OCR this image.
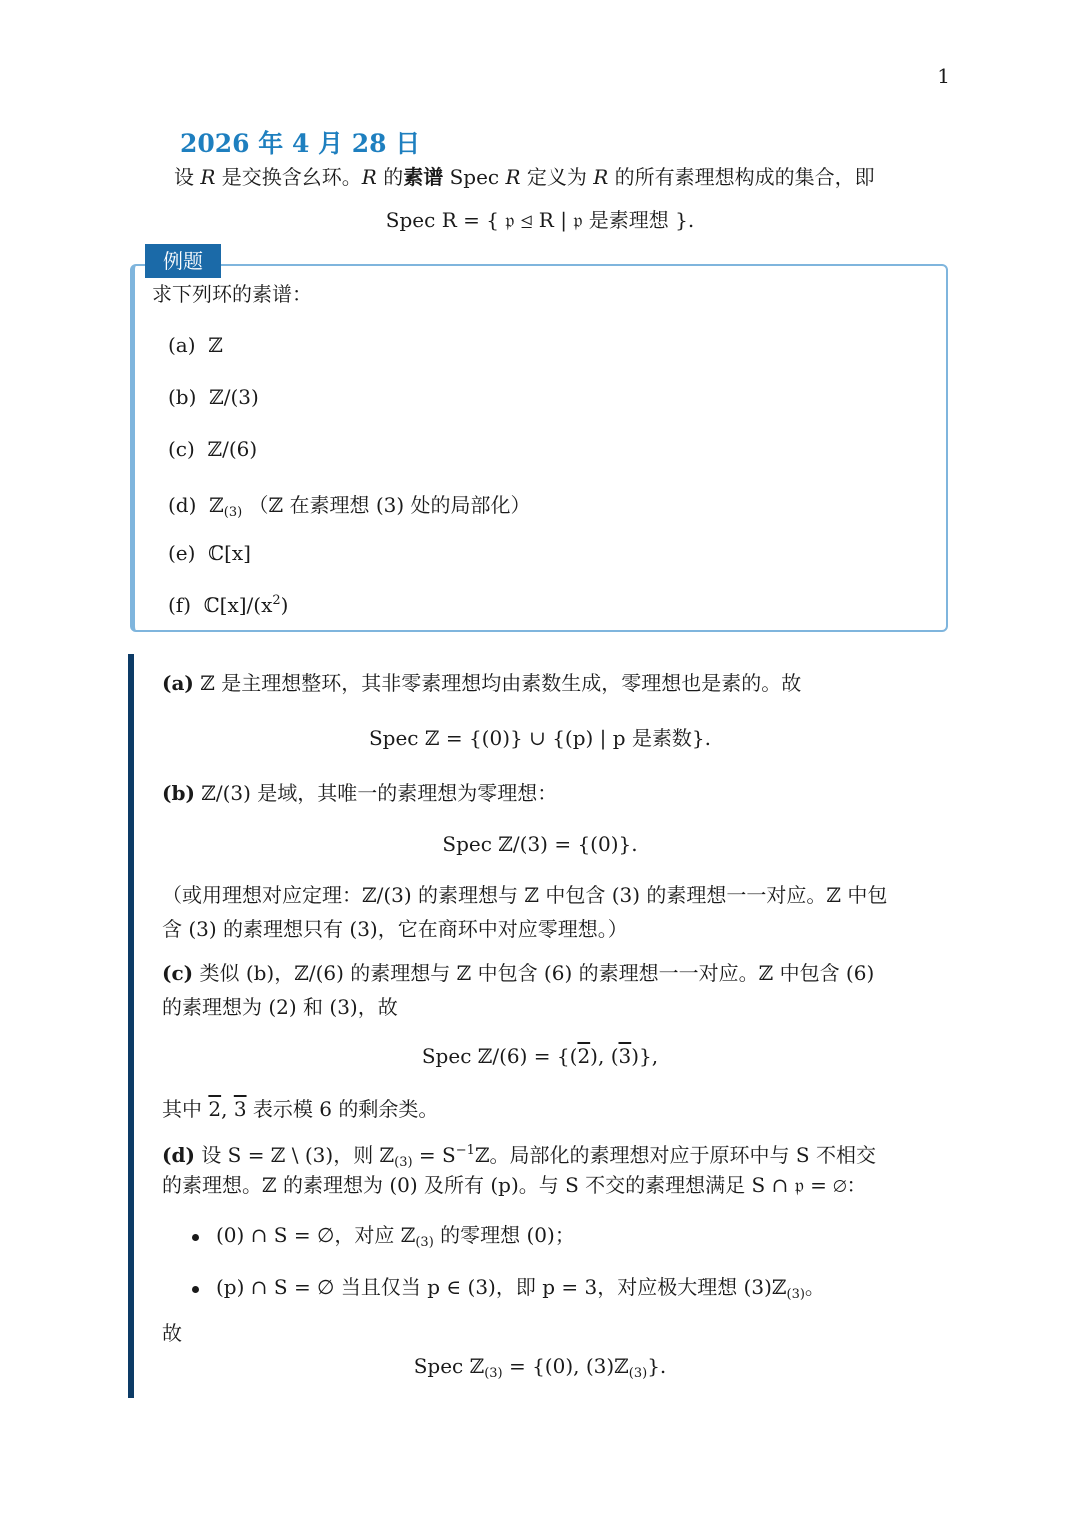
1
2026 年 4 月 28 日
设 R 是交换含幺环。R 的素谱 Spec R 定义为 R 的所有素理想构成的集合，即
Spec R = { 𝔭 ⊴ R | 𝔭 是素理想 }.
例题
求下列环的素谱：
(a) ℤ
(b) ℤ/(3)
(c) ℤ/(6)
(d) ℤ$_{(3)}$ （ℤ 在素理想 (3) 处的局部化）
(e) ℂ[x]
(f) $ℂ[x]/(x^2)$
(a) ℤ 是主理想整环，其非零素理想均由素数生成，零理想也是素的。故
Spec ℤ = {(0)} ∪ {(p) | p 是素数}.
(b) ℤ/(3) 是域，其唯一的素理想为零理想：
Spec ℤ/(3) = {(0)}.
（或用理想对应定理：ℤ/(3) 的素理想与 ℤ 中包含 (3) 的素理想一一对应。ℤ 中包
含 (3) 的素理想只有 (3)，它在商环中对应零理想。）
(c) 类似 (b)，ℤ/(6) 的素理想与 ℤ 中包含 (6) 的素理想一一对应。ℤ 中包含 (6)
的素理想为 (2) 和 (3)，故
Spec ℤ/(6) = {(2), (3)},
其中 2, 3 表示模 6 的剩余类。
(d) 设 S = ℤ \ (3)，则 ℤ$_{(3)}$ = $S^{-1}ℤ$。局部化的素理想对应于原环中与 S 不相交
的素理想。ℤ 的素理想为 (0) 及所有 (p)。与 S 不交的素理想满足 S ∩ 𝔭 = ∅：
(0) ∩ S = ∅，对应 ℤ$_{(3)}$ 的零理想 (0)；
(p) ∩ S = ∅ 当且仅当 p ∈ (3)，即 p = 3，对应极大理想 (3)ℤ$_{(3)}$。
故
Spec ℤ$_{(3)}$ = {(0), (3)ℤ$_{(3)}$}.
